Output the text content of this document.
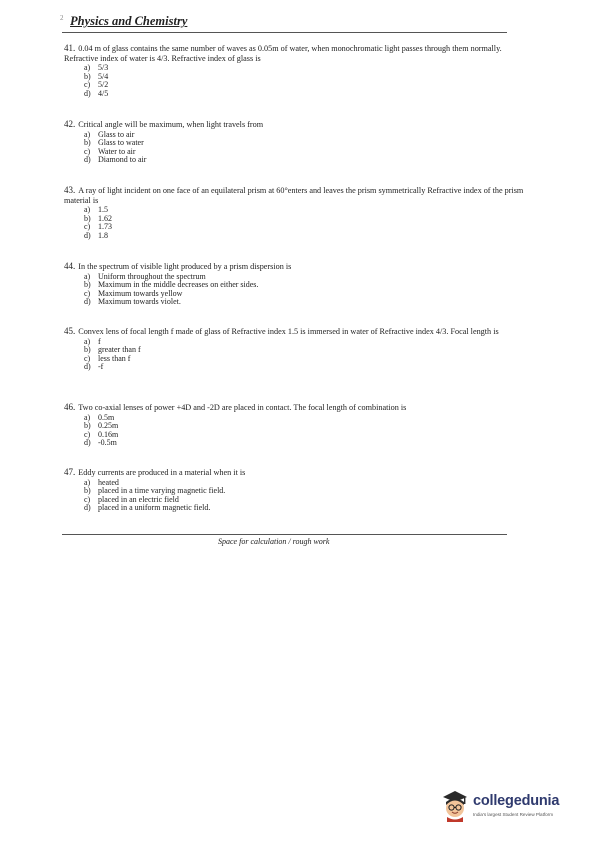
2 Physics and Chemistry
41. 0.04 m of glass contains the same number of waves as 0.05m of water, when monochromatic light passes through them normally. Refractive index of water is 4/3. Refractive index of glass is
a) 5/3
b) 5/4
c) 5/2
d) 4/5
42. Critical angle will be maximum, when light travels from
a) Glass to air
b) Glass to water
c) Water to air
d) Diamond to air
43. A ray of light incident on one face of an equilateral prism at 60°enters and leaves the prism symmetrically Refractive index of the prism material is
a) 1.5
b) 1.62
c) 1.73
d) 1.8
44. In the spectrum of visible light produced by a prism dispersion is
a) Uniform throughout the spectrum
b) Maximum in the middle decreases on either sides.
c) Maximum towards yellow
d) Maximum towards violet.
45. Convex lens of focal length f made of glass of Refractive index 1.5 is immersed in water of Refractive index 4/3. Focal length is
a) f
b) greater than f
c) less than f
d) -f
46. Two co-axial lenses of power +4D and -2D are placed in contact. The focal length of combination is
a) 0.5m
b) 0.25m
c) 0.16m
d) -0.5m
47. Eddy currents are produced in a material when it is
a) heated
b) placed in a time varying magnetic field.
c) placed in an electric field
d) placed in a uniform magnetic field.
Space for calculation / rough work
collegedunia
India's largest Student Review Platform
